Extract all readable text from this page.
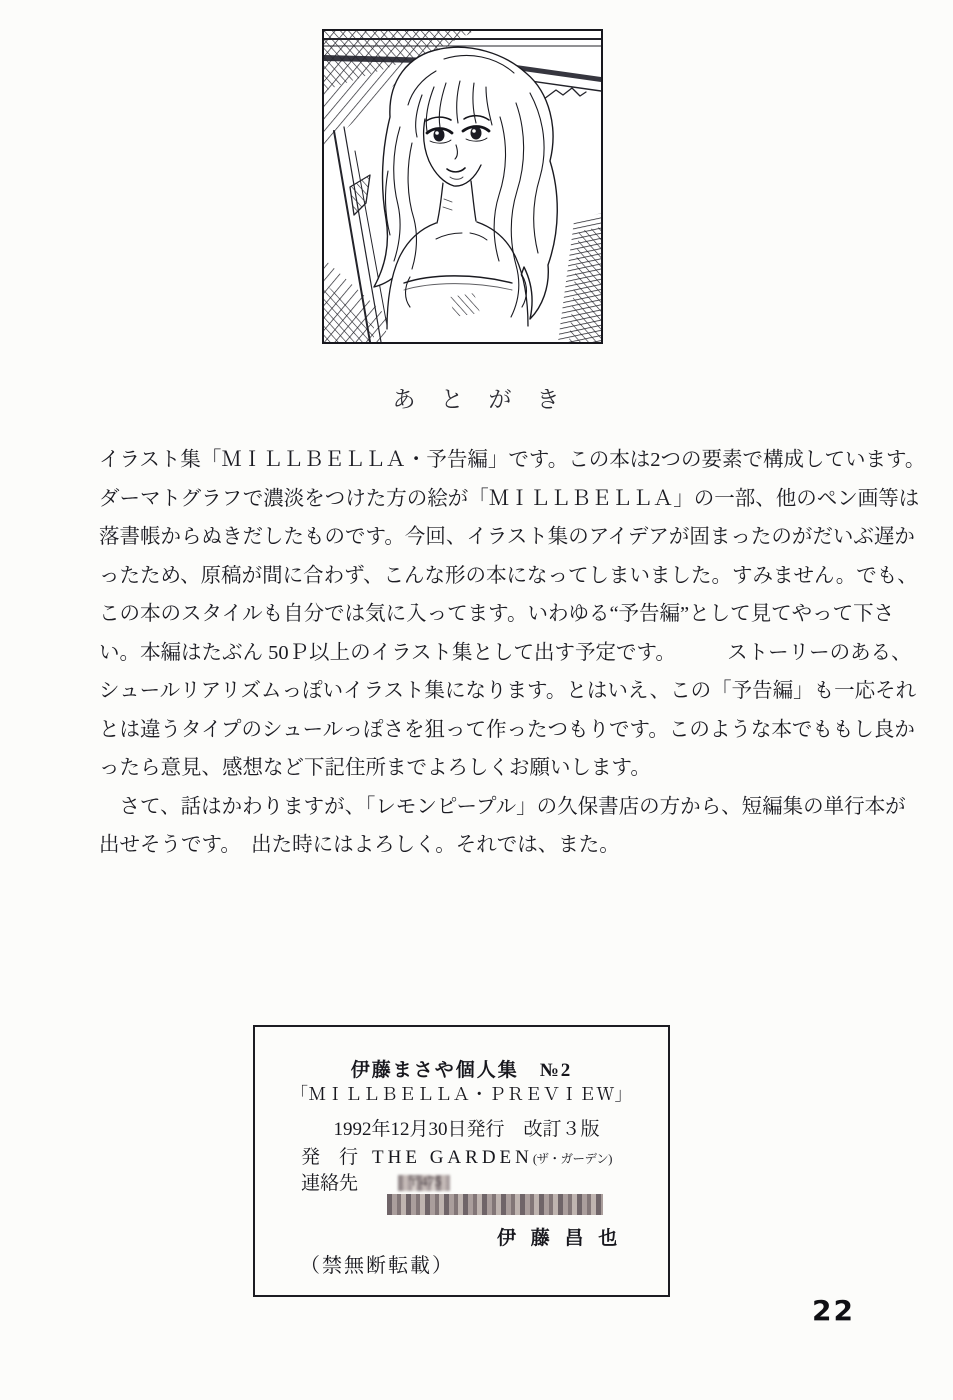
あ　と　が　き
イラスト集「ＭＩＬＬＢＥＬＬＡ・予告編」です。この本は2つの要素で構成しています。
ダーマトグラフで濃淡をつけた方の絵が「ＭＩＬＬＢＥＬＬＡ」の一部、他のペン画等は
落書帳からぬきだしたものです。今回、イラスト集のアイデアが固まったのがだいぶ遅か
ったため、原稿が間に合わず、こんな形の本になってしまいました。すみません。でも、
この本のスタイルも自分では気に入ってます。いわゆる“予告編”として見てやって下さ
い。本編はたぶん 50Ｐ以上のイラスト集として出す予定です。　　　ストーリーのある、
シュールリアリズムっぽいイラスト集になります。とはいえ、この「予告編」も一応それ
とは違うタイプのシュールっぽさを狙って作ったつもりです。このような本でももし良か
ったら意見、感想など下記住所までよろしくお願いします。
　さて、話はかわりますが、「レモンピープル」の久保書店の方から、短編集の単行本が
出せそうです。　出た時にはよろしく。それでは、また。
伊藤まさや個人集　№2
「ＭＩＬＬＢＥＬＬＡ・ＰＲＥＶＩＥＷ」
1992年12月30日発行　改訂３版
発　行 THE GARDEN(ザ・ガーデン)
連絡先	〒475
伊 藤 昌 也
（禁無断転載）
22
